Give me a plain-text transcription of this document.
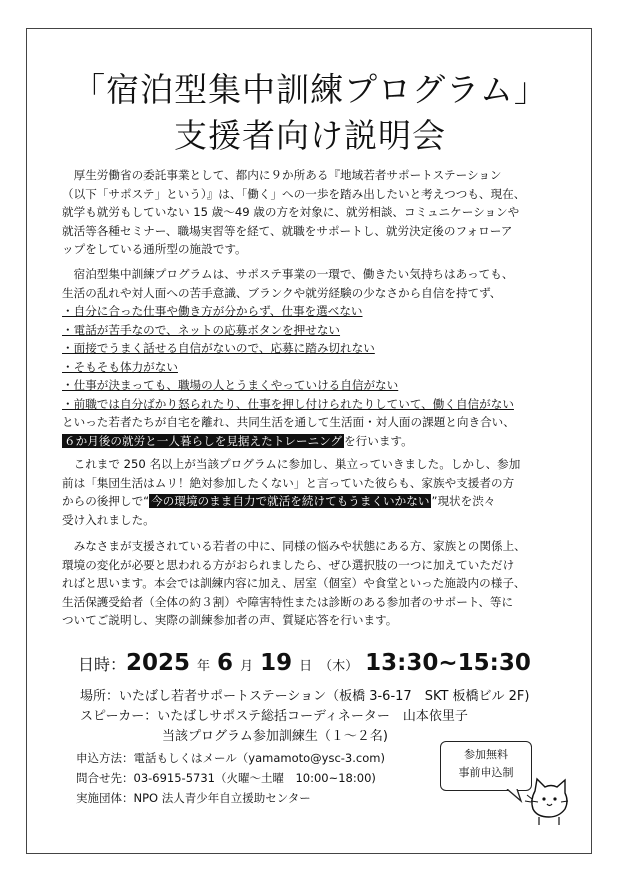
「宿泊型集中訓練プログラム」
支援者向け説明会

厚生労働省の委託事業として、都内に９か所ある『地域若者サポートステーション

（以下「サポステ」という）』は、「働く」への一歩を踏み出したいと考えつつも、現在、

就学も就労もしていない 15 歳～49 歳の方を対象に、就労相談、コミュニケーションや

就活等各種セミナー、職場実習等を経て、就職をサポートし、就労決定後のフォローア

ップをしている通所型の施設です。

宿泊型集中訓練プログラムは、サポステ事業の一環で、働きたい気持ちはあっても、

生活の乱れや対人面への苦手意識、ブランクや就労経験の少なさから自信を持てず、

・自分に合った仕事や働き方が分からず、仕事を選べない
・電話が苦手なので、ネットの応募ボタンを押せない
・面接でうまく話せる自信がないので、応募に踏み切れない
・そもそも体力がない
・仕事が決まっても、職場の人とうまくやっていける自信がない
・前職では自分ばかり怒られたり、仕事を押し付けられたりしていて、働く自信がない

といった若者たちが自宅を離れ、共同生活を通して生活面・対人面の課題と向き合い、

６か月後の就労と一人暮らしを見据えたトレーニング を行います。

これまで 250 名以上が当該プログラムに参加し、巣立っていきました。しかし、参加

前は「集団生活はムリ！絶対参加したくない」と言っていた彼らも、家族や支援者の方

からの後押しで“ 今の環境のまま自力で就活を続けてもうまくいかない ”現状を渋々

受け入れました。

みなさまが支援されている若者の中に、同様の悩みや状態にある方、家族との関係上、

環境の変化が必要と思われる方がおられましたら、ぜひ選択肢の一つに加えていただけ

ればと思います。本会では訓練内容に加え、居室（個室）や食堂といった施設内の様子、

生活保護受給者（全体の約３割）や障害特性または診断のある参加者のサポート、等に

ついてご説明し、実際の訓練参加者の声、質疑応答を行います。

日時：2025 年 6 月 19 日 （木） 13:30~15:30
場所：いたばし若者サポートステーション（板橋 3-6-17　SKT 板橋ビル 2F)
スピーカー：いたばしサポステ総括コーディネーター　山本依里子
当該プログラム参加訓練生（１～２名)
申込方法：電話もしくはメール（yamamoto@ysc-3.com)
問合せ先：03-6915-5731（火曜～土曜　10:00~18:00)
実施団体：NPO 法人青少年自立援助センター
参加無料
事前申込制
